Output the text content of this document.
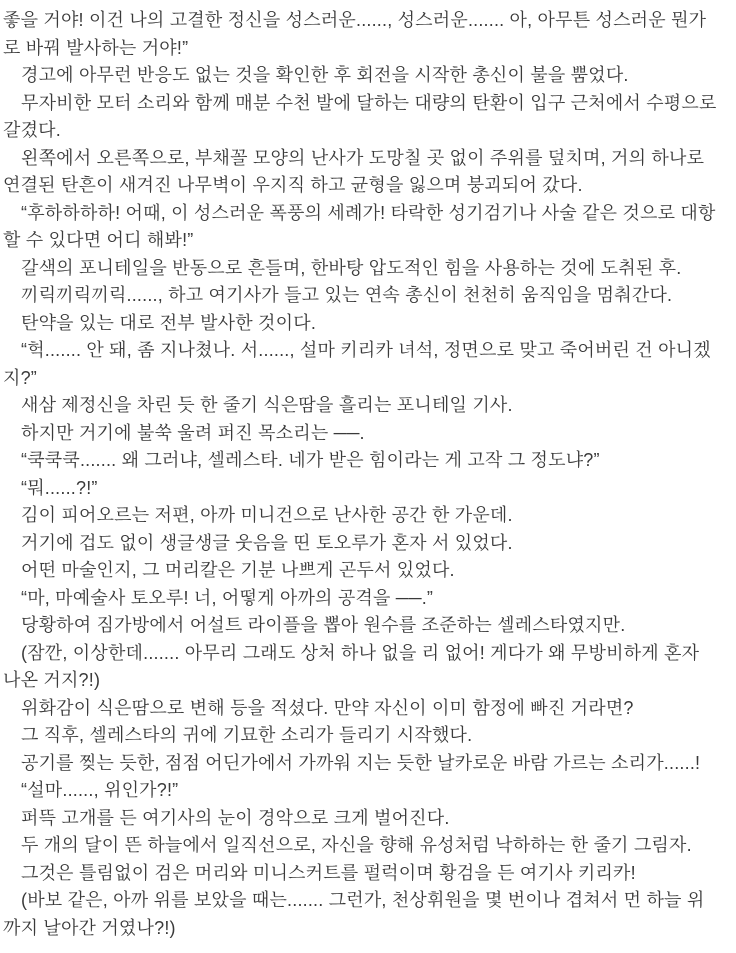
좋을 거야! 이건 나의 고결한 정신을 성스러운......, 성스러운....... 아, 아무튼 성스러운 뭔가
로 바꿔 발사하는 거야!”
경고에 아무런 반응도 없는 것을 확인한 후 회전을 시작한 총신이 불을 뿜었다.
무자비한 모터 소리와 함께 매분 수천 발에 달하는 대량의 탄환이 입구 근처에서 수평으로
갈겼다.
왼쪽에서 오른쪽으로, 부채꼴 모양의 난사가 도망칠 곳 없이 주위를 덮치며, 거의 하나로
연결된 탄흔이 새겨진 나무벽이 우지직 하고 균형을 잃으며 붕괴되어 갔다.
“후하하하하! 어때, 이 성스러운 폭풍의 세례가! 타락한 성기검기나 사술 같은 것으로 대항
할 수 있다면 어디 해봐!”
갈색의 포니테일을 반동으로 흔들며, 한바탕 압도적인 힘을 사용하는 것에 도취된 후.
끼릭끼릭끼릭......, 하고 여기사가 들고 있는 연속 총신이 천천히 움직임을 멈춰간다.
탄약을 있는 대로 전부 발사한 것이다.
“헉....... 안 돼, 좀 지나쳤나. 서......, 설마 키리카 녀석, 정면으로 맞고 죽어버린 건 아니겠
지?”
새삼 제정신을 차린 듯 한 줄기 식은땀을 흘리는 포니테일 기사.
하지만 거기에 불쑥 울려 퍼진 목소리는 ──.
“쿡쿡쿡....... 왜 그러냐, 셀레스타. 네가 받은 힘이라는 게 고작 그 정도냐?”
“뭐......?!”
김이 피어오르는 저편, 아까 미니건으로 난사한 공간 한 가운데.
거기에 겁도 없이 생글생글 웃음을 띤 토오루가 혼자 서 있었다.
어떤 마술인지, 그 머리칼은 기분 나쁘게 곤두서 있었다.
“마, 마예술사 토오루! 너, 어떻게 아까의 공격을 ──.”
당황하여 짐가방에서 어설트 라이플을 뽑아 원수를 조준하는 셀레스타였지만.
(잠깐, 이상한데....... 아무리 그래도 상처 하나 없을 리 없어! 게다가 왜 무방비하게 혼자
나온 거지?!)
위화감이 식은땀으로 변해 등을 적셨다. 만약 자신이 이미 함정에 빠진 거라면?
그 직후, 셀레스타의 귀에 기묘한 소리가 들리기 시작했다.
공기를 찢는 듯한, 점점 어딘가에서 가까워 지는 듯한 날카로운 바람 가르는 소리가......!
“설마......, 위인가?!”
퍼뜩 고개를 든 여기사의 눈이 경악으로 크게 벌어진다.
두 개의 달이 뜬 하늘에서 일직선으로, 자신을 향해 유성처럼 낙하하는 한 줄기 그림자.
그것은 틀림없이 검은 머리와 미니스커트를 펄럭이며 황검을 든 여기사 키리카!
(바보 같은, 아까 위를 보았을 때는....... 그런가, 천상휘원을 몇 번이나 겹쳐서 먼 하늘 위
까지 날아간 거였나?!)
